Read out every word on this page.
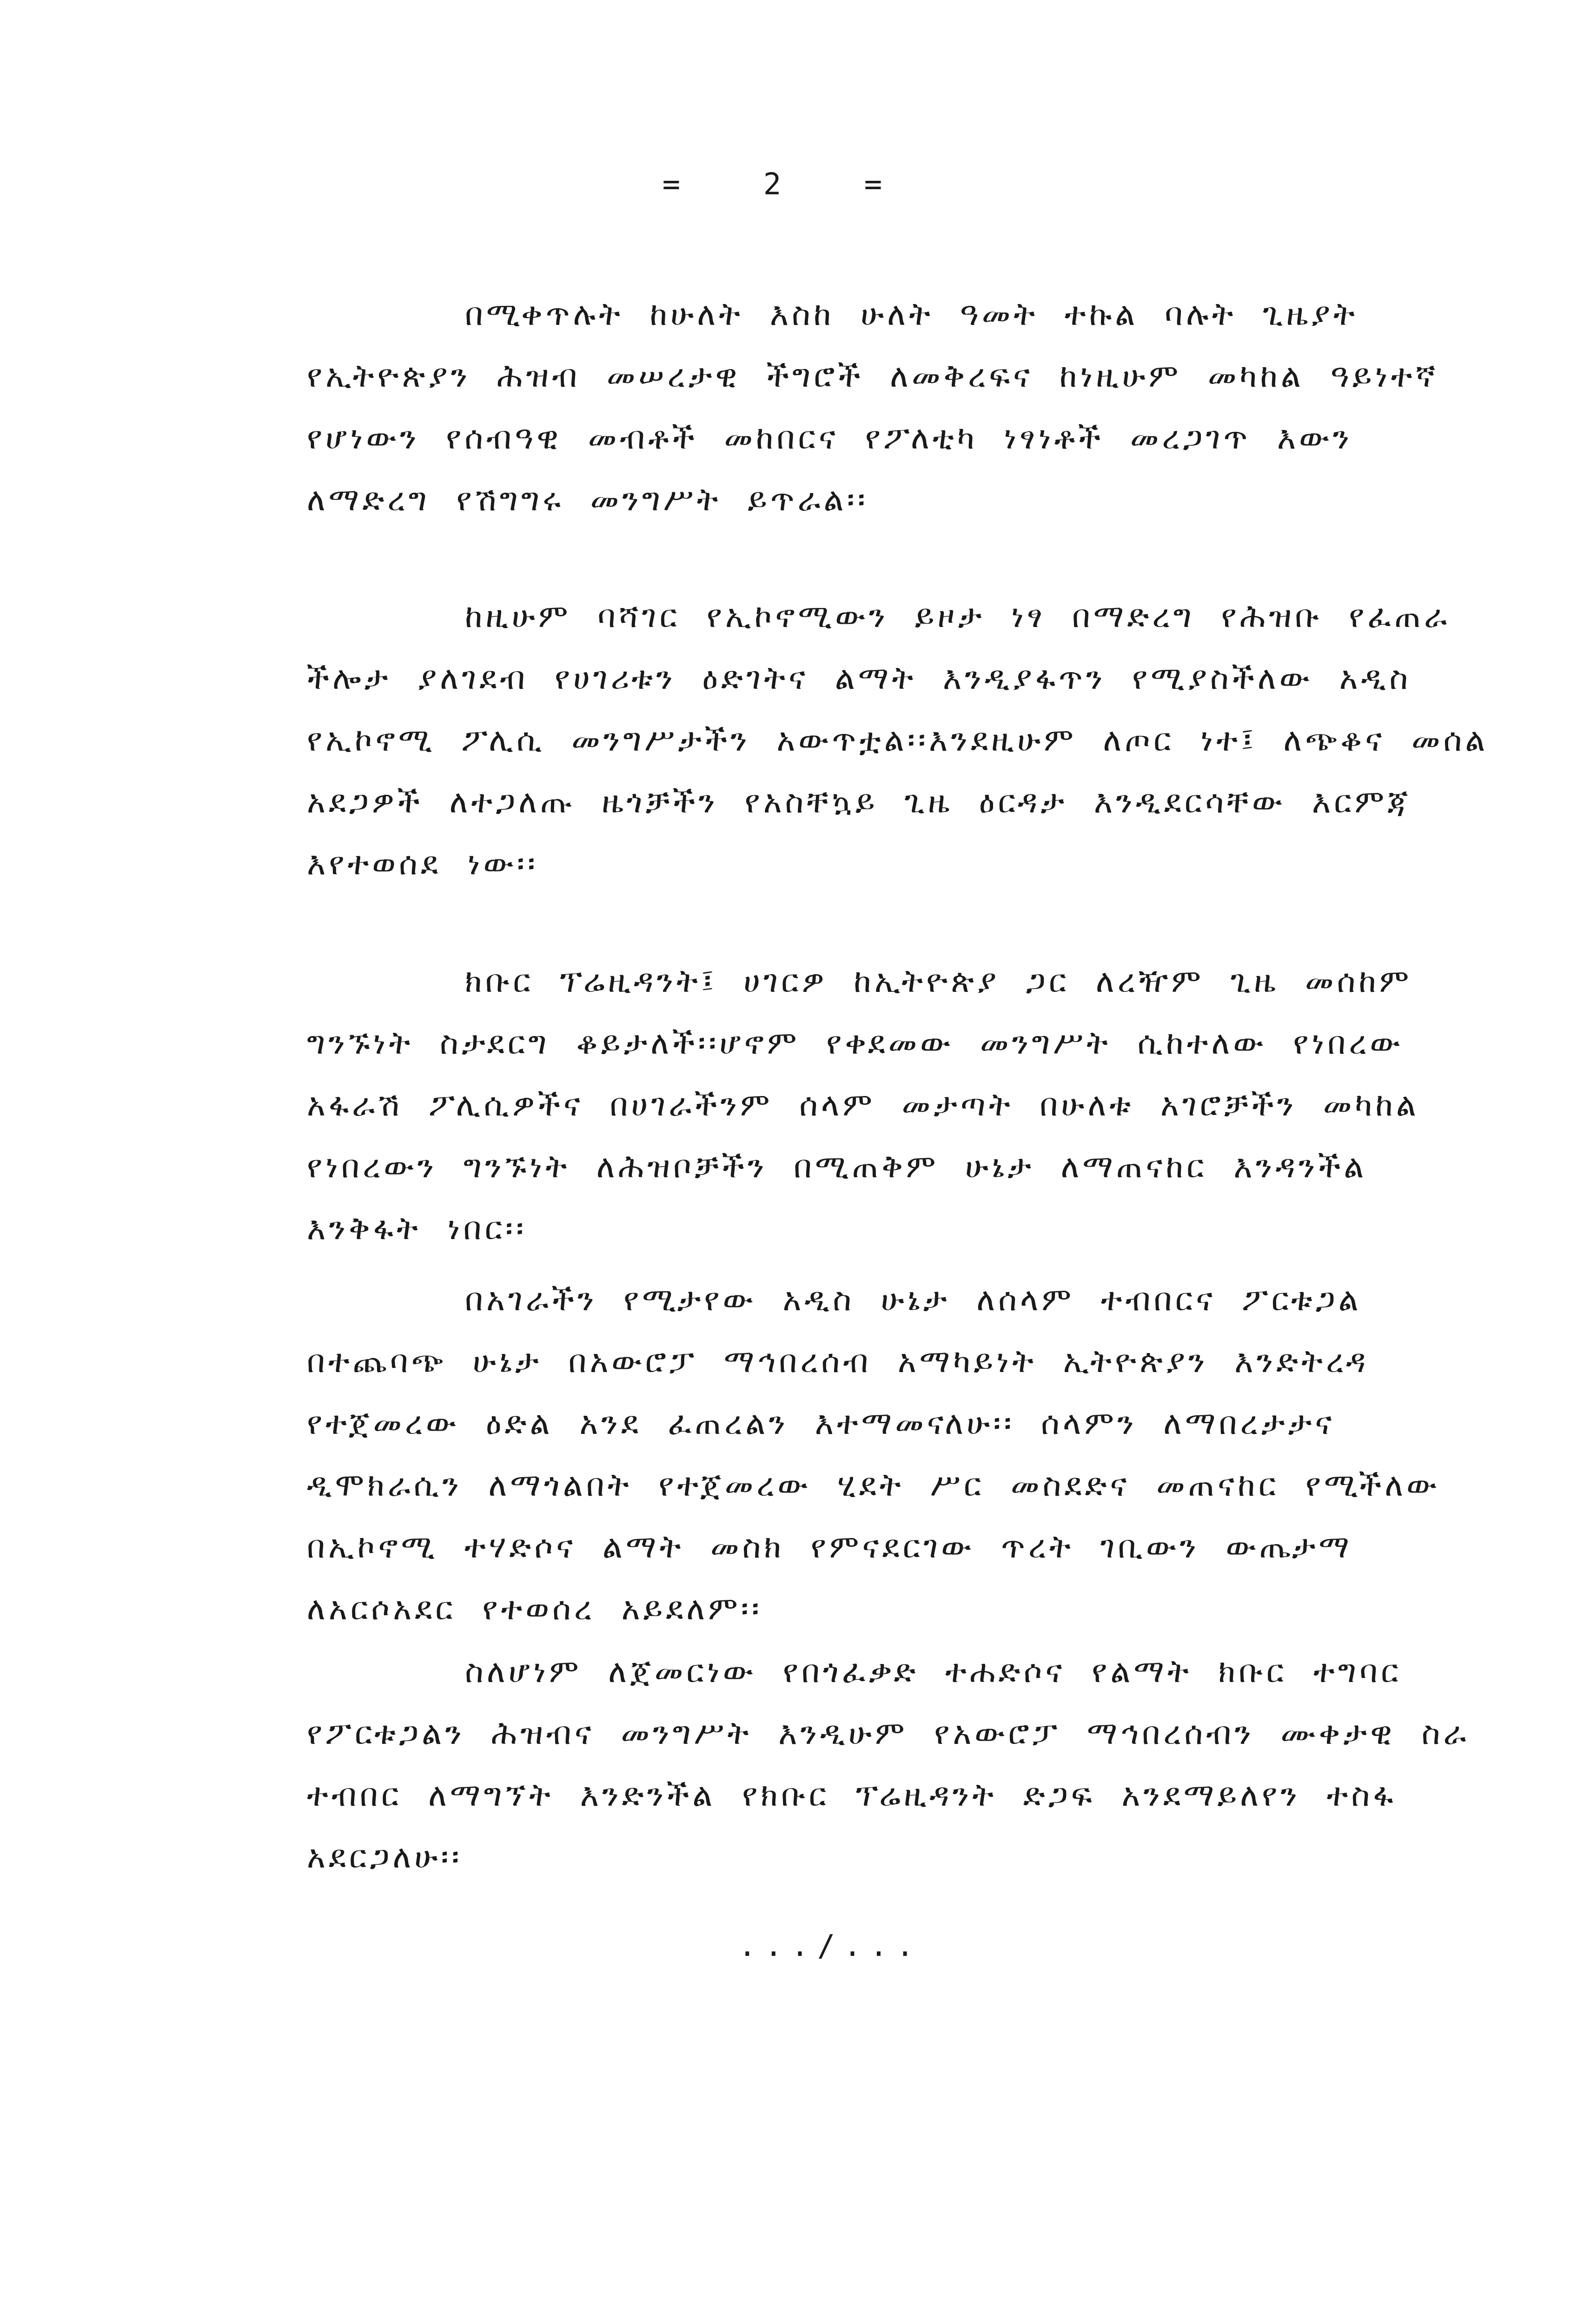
= 2 =

በሚቀጥሉት ከሁለት እስከ ሁለት ዓመት ተኩል ባሉት ጊዜያት የኢትዮጵያን ሕዝብ መሠረታዊ ችግሮች ለመቅረፍና ከነዚሁም መካከል ዓይነተኛ የሆነውን የሰብዓዊ መብቶች መከበርና የፖለቲካ ነፃነቶች መረጋገጥ እውን ለማድረግ የሽግግሩ መንግሥት ይጥራል፡፡

ከዚሁም ባሻገር የኢኮኖሚውን ይዞታ ነፃ በማድረግ የሕዝቡ የፈጠራ ችሎታ ያለገደብ የሀገሪቱን ዕድገትና ልማት እንዲያፋጥን የሚያስችለው አዲስ የኢኮኖሚ ፖሊሲ መንግሥታችን አውጥቷል፡፡እንደዚሁም ለጦር ነተ፤ ለጭቆና መሰል አደጋዎች ለተጋለጡ ዜጎቻችን የአስቸኳይ ጊዜ ዕርዳታ እንዲደርሳቸው እርምጃ እየተወሰደ ነው፡፡

ክቡር ፕሬዚዳንት፤ ሀገርዎ ከኢትዮጵያ ጋር ለረዥም ጊዜ መሰከም ግንኙነት ስታደርግ ቆይታለች፡፡ሆኖም የቀደመው መንግሥት ሲከተለው የነበረው አፋራሽ ፖሊሲዎችና በሀገራችንም ሰላም መታጣት በሁለቱ አገሮቻችን መካከል የነበረውን ግንኙነት ለሕዝቦቻችን በሚጠቅም ሁኔታ ለማጠናከር እንዳንችል እንቅፋት ነበር፡፡

በአገራችን የሚታየው አዲስ ሁኔታ ለሰላም ተብበርና ፖርቱጋል በተጨባጭ ሁኔታ በአውሮፓ ማኅበረሰብ አማካይነት ኢትዮጵያን እንድትረዳ የተጀመረው ዕድል አንደ ፈጠረልን እተማመናለሁ፡፡ ሰላምን ለማበረታታና ዲሞክራሲን ለማጎልበት የተጀመረው ሂደት ሥር መስደድና መጠናከር የሚችለው በኢኮኖሚ ተሃድሶና ልማት መስክ የምናደርገው ጥረት ገቢውን ውጤታማ ለአርሶአደር የተወሰረ አይደለም፡፡

ስለሆነም ለጀመርነው የበጎፈቃድ ተሐድሶና የልማት ክቡር ተግባር የፖርቱጋልን ሕዝብና መንግሥት እንዲሁም የአውሮፓ ማኅበረሰብን ሙቀታዊ ስራ ተብበር ለማግኘት እንድንችል የክቡር ፕሬዚዳንት ድጋፍ አንደማይለየን ተስፋ አደርጋለሁ፡፡

.../...
